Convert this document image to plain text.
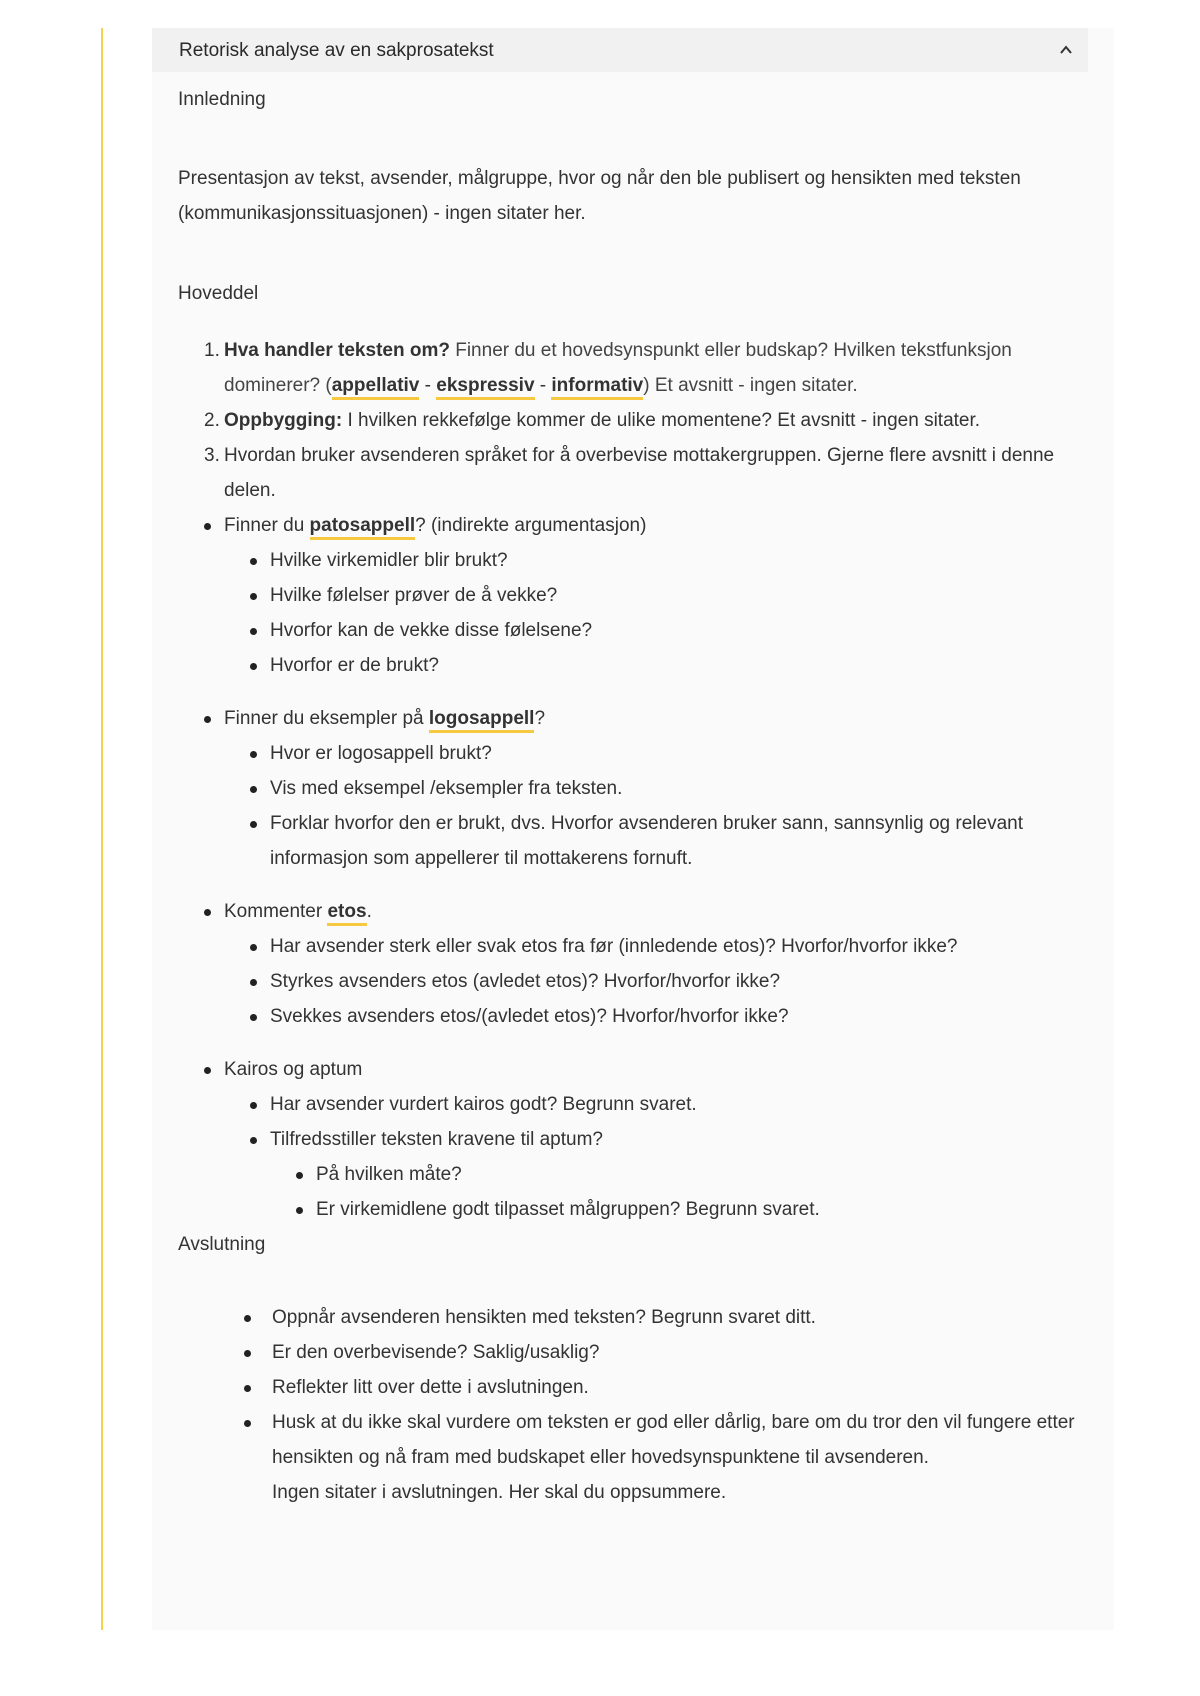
Retorisk analyse av en sakprosatekst

Innledning

Presentasjon av tekst, avsender, målgruppe, hvor og når den ble publisert og hensikten med teksten (kommunikasjonssituasjonen) - ingen sitater her.

Hoveddel

1. Hva handler teksten om? Finner du et hovedsynspunkt eller budskap? Hvilken tekstfunksjon dominerer? (appellativ - ekspressiv - informativ) Et avsnitt - ingen sitater.
2. Oppbygging: I hvilken rekkefølge kommer de ulike momentene? Et avsnitt - ingen sitater.
3. Hvordan bruker avsenderen språket for å overbevise mottakergruppen. Gjerne flere avsnitt i denne delen.
Finner du patosappell? (indirekte argumentasjon)
Hvilke virkemidler blir brukt?
Hvilke følelser prøver de å vekke?
Hvorfor kan de vekke disse følelsene?
Hvorfor er de brukt?
Finner du eksempler på logosappell?
Hvor er logosappell brukt?
Vis med eksempel /eksempler fra teksten.
Forklar hvorfor den er brukt, dvs. Hvorfor avsenderen bruker sann, sannsynlig og relevant informasjon som appellerer til mottakerens fornuft.
Kommenter etos.
Har avsender sterk eller svak etos fra før (innledende etos)? Hvorfor/hvorfor ikke?
Styrkes avsenders etos (avledet etos)? Hvorfor/hvorfor ikke?
Svekkes avsenders etos/(avledet etos)? Hvorfor/hvorfor ikke?
Kairos og aptum
Har avsender vurdert kairos godt? Begrunn svaret.
Tilfredsstiller teksten kravene til aptum?
På hvilken måte?
Er virkemidlene godt tilpasset målgruppen? Begrunn svaret.

Avslutning

Oppnår avsenderen hensikten med teksten? Begrunn svaret ditt.
Er den overbevisende? Saklig/usaklig?
Reflekter litt over dette i avslutningen.
Husk at du ikke skal vurdere om teksten er god eller dårlig, bare om du tror den vil fungere etter hensikten og nå fram med budskapet eller hovedsynspunktene til avsenderen.
Ingen sitater i avslutningen. Her skal du oppsummere.
